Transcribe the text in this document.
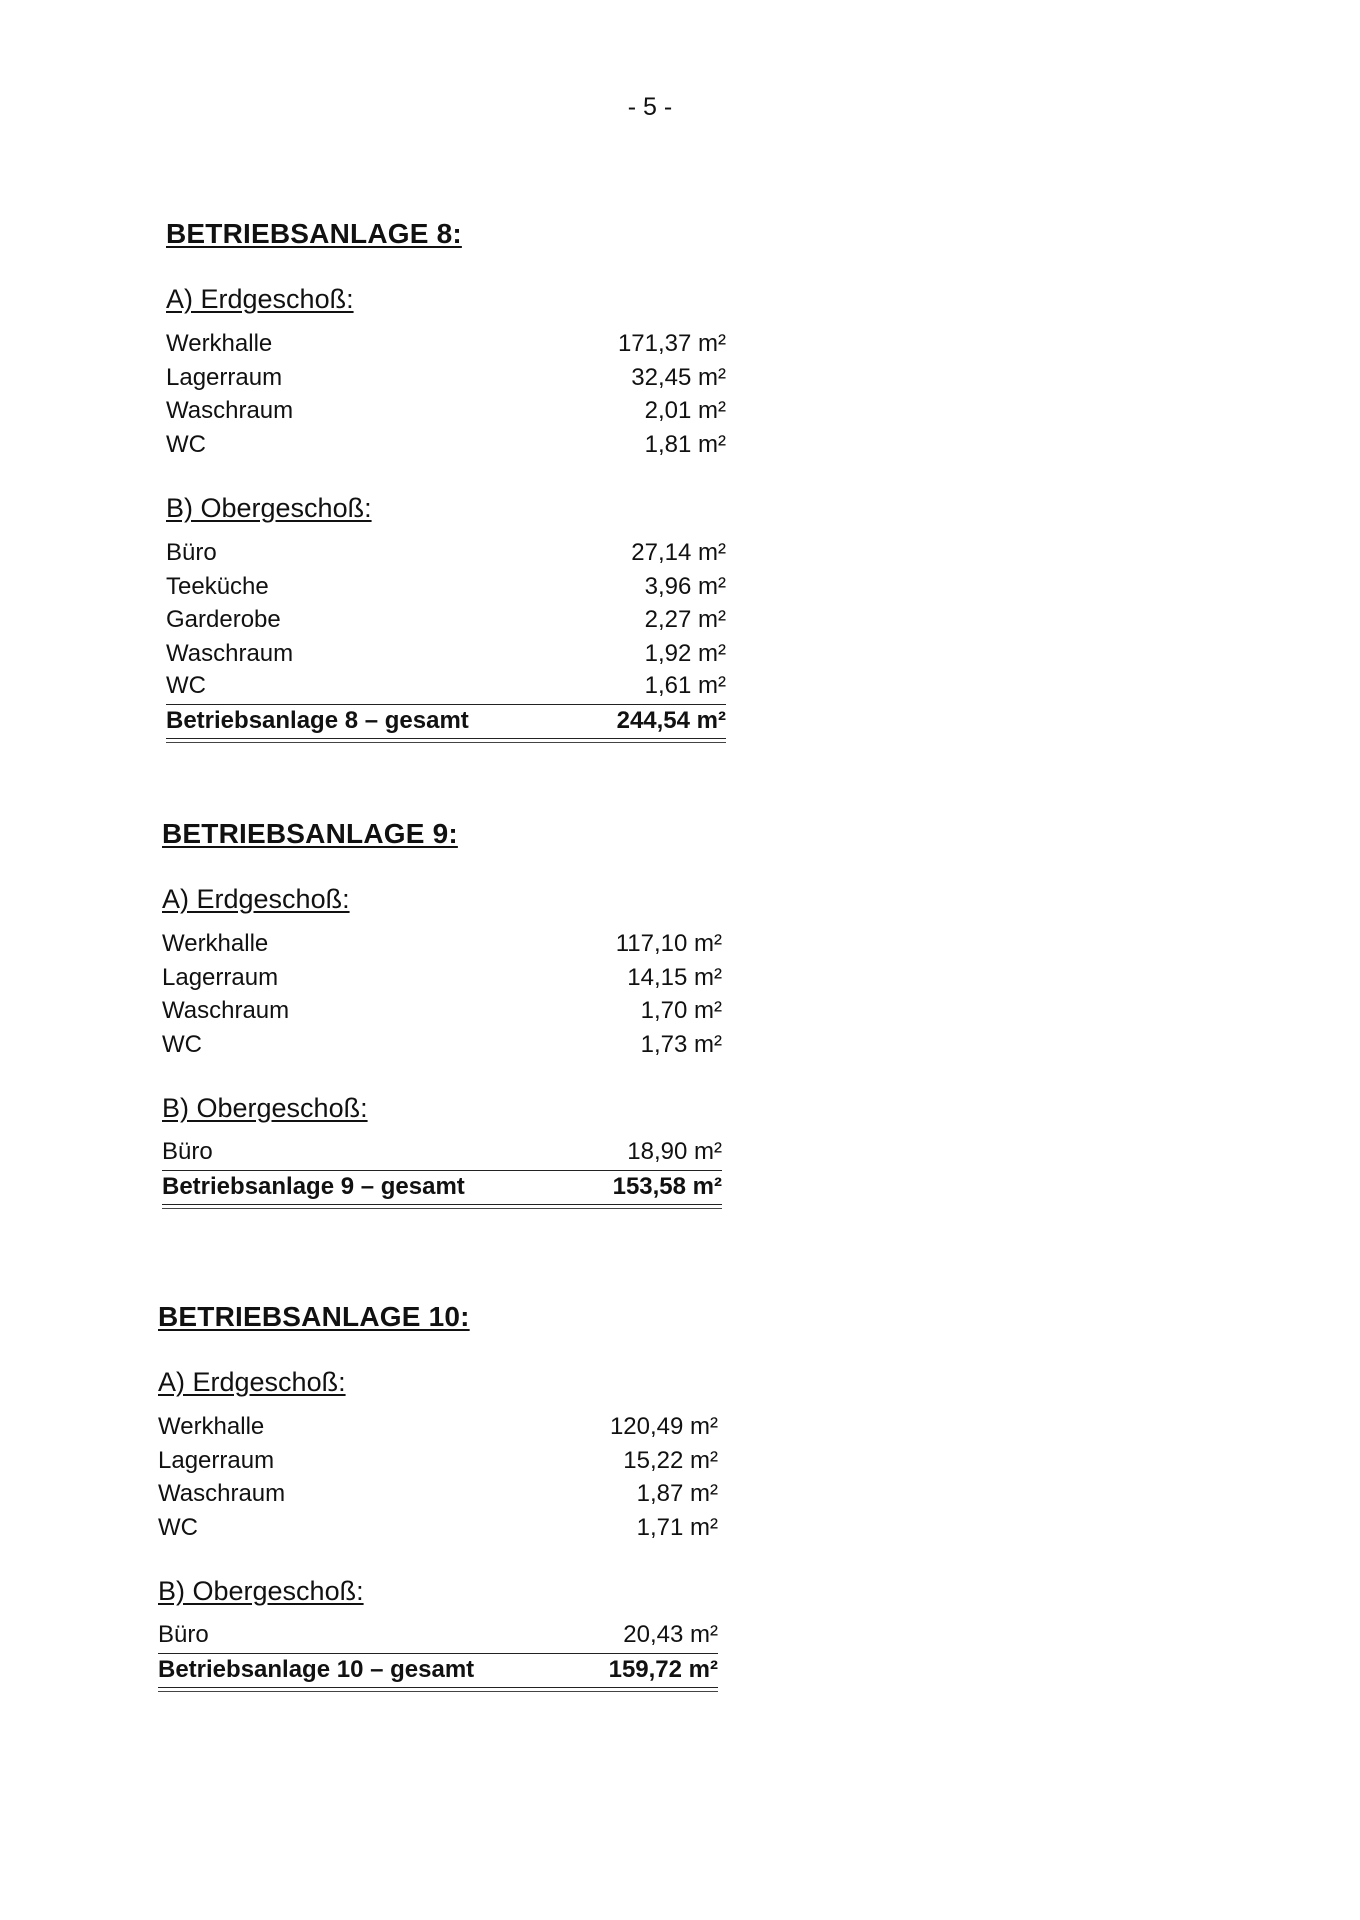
- 5 -
BETRIEBSANLAGE 8:
A) Erdgeschoß:
Werkhalle	171,37 m²
Lagerraum	32,45 m²
Waschraum	2,01 m²
WC	1,81 m²
B) Obergeschoß:
Büro	27,14 m²
Teeküche	3,96 m²
Garderobe	2,27 m²
Waschraum	1,92 m²
WC	1,61 m²
Betriebsanlage 8 – gesamt	244,54 m²
BETRIEBSANLAGE 9:
A) Erdgeschoß:
Werkhalle	117,10 m²
Lagerraum	14,15 m²
Waschraum	1,70 m²
WC	1,73 m²
B) Obergeschoß:
Büro	18,90 m²
Betriebsanlage 9 – gesamt	153,58 m²
BETRIEBSANLAGE 10:
A) Erdgeschoß:
Werkhalle	120,49 m²
Lagerraum	15,22 m²
Waschraum	1,87 m²
WC	1,71 m²
B) Obergeschoß:
Büro	20,43 m²
Betriebsanlage 10 – gesamt	159,72 m²
